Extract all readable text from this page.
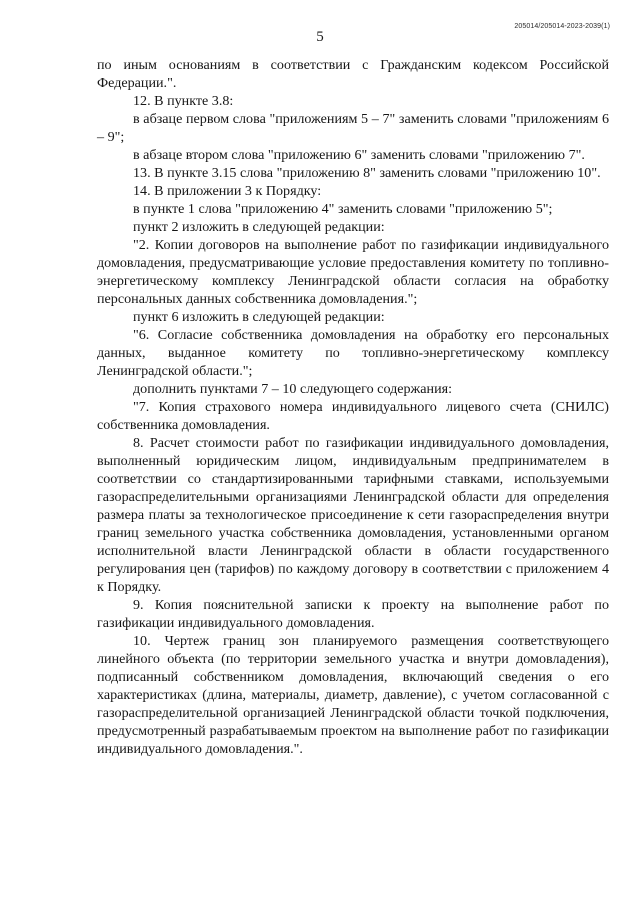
5
205014/205014-2023-2039(1)

по иным основаниям в соответствии с Гражданским кодексом Российской Федерации.".

12. В пункте 3.8:

в абзаце первом слова "приложениям 5 – 7" заменить словами "приложениям 6 – 9";

в абзаце втором слова "приложению 6" заменить словами "приложению 7".

13. В пункте 3.15 слова "приложению 8" заменить словами "приложению 10".

14. В приложении 3 к Порядку:

в пункте 1 слова "приложению 4" заменить словами "приложению 5";

пункт 2 изложить в следующей редакции:

"2. Копии договоров на выполнение работ по газификации индивидуального домовладения, предусматривающие условие предоставления комитету по топливно-энергетическому комплексу Ленинградской области согласия на обработку персональных данных собственника домовладения.";

пункт 6 изложить в следующей редакции:

"6. Согласие собственника домовладения на обработку его персональных данных, выданное комитету по топливно-энергетическому комплексу Ленинградской области.";

дополнить пунктами 7 – 10 следующего содержания:

"7. Копия страхового номера индивидуального лицевого счета (СНИЛС) собственника домовладения.

8. Расчет стоимости работ по газификации индивидуального домовладения, выполненный юридическим лицом, индивидуальным предпринимателем в соответствии со стандартизированными тарифными ставками, используемыми газораспределительными организациями Ленинградской области для определения размера платы за технологическое присоединение к сети газораспределения внутри границ земельного участка собственника домовладения, установленными органом исполнительной власти Ленинградской области в области государственного регулирования цен (тарифов) по каждому договору в соответствии с приложением 4 к Порядку.

9. Копия пояснительной записки к проекту на выполнение работ по газификации индивидуального домовладения.

10. Чертеж границ зон планируемого размещения соответствующего линейного объекта (по территории земельного участка и внутри домовладения), подписанный собственником домовладения, включающий сведения о его характеристиках (длина, материалы, диаметр, давление), с учетом согласованной с газораспределительной организацией Ленинградской области точкой подключения, предусмотренный разрабатываемым проектом на выполнение работ по газификации индивидуального домовладения.".
